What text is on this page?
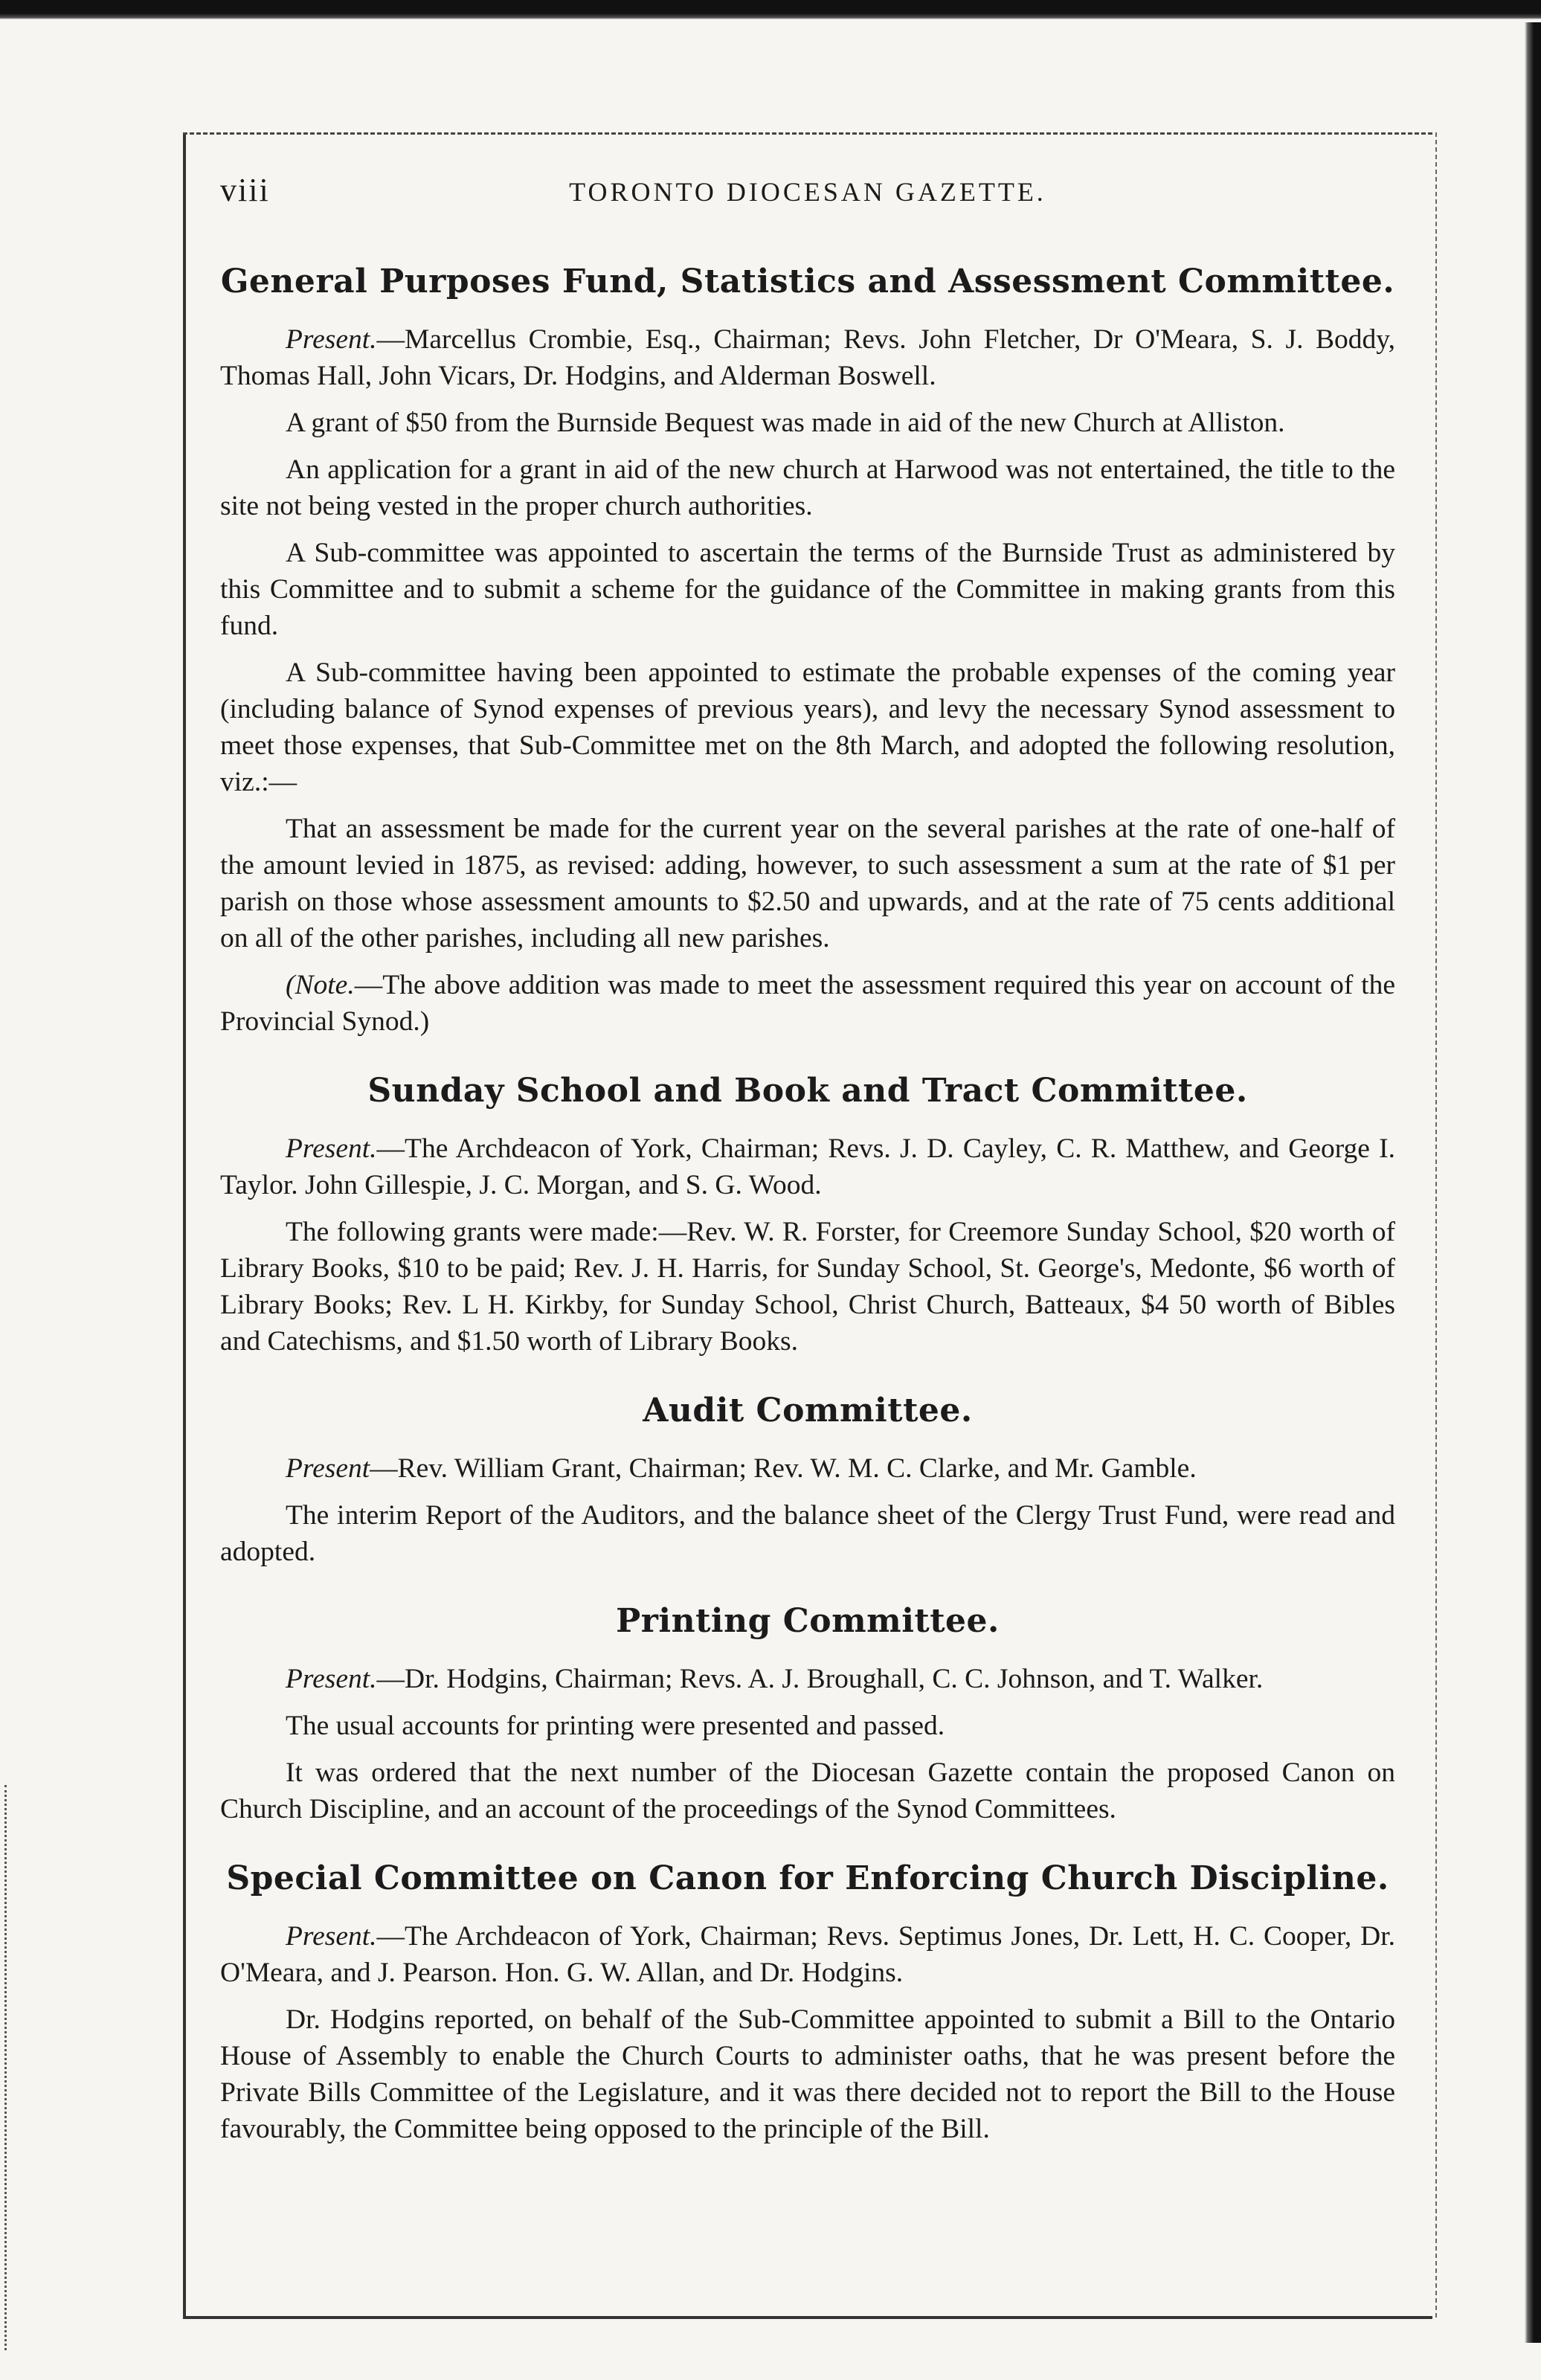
viii	TORONTO DIOCESAN GAZETTE.
General Purposes Fund, Statistics and Assessment Committee.

Present.—Marcellus Crombie, Esq., Chairman; Revs. John Fletcher, Dr O'Meara, S. J. Boddy, Thomas Hall, John Vicars, Dr. Hodgins, and Alderman Boswell.

A grant of $50 from the Burnside Bequest was made in aid of the new Church at Alliston.

An application for a grant in aid of the new church at Harwood was not entertained, the title to the site not being vested in the proper church authorities.

A Sub-committee was appointed to ascertain the terms of the Burnside Trust as administered by this Committee and to submit a scheme for the guidance of the Committee in making grants from this fund.

A Sub-committee having been appointed to estimate the probable expenses of the coming year (including balance of Synod expenses of previous years), and levy the necessary Synod assessment to meet those expenses, that Sub-Committee met on the 8th March, and adopted the following resolution, viz.:—

That an assessment be made for the current year on the several parishes at the rate of one-half of the amount levied in 1875, as revised: adding, however, to such assessment a sum at the rate of $1 per parish on those whose assessment amounts to $2.50 and upwards, and at the rate of 75 cents additional on all of the other parishes, including all new parishes.

(Note.—The above addition was made to meet the assessment required this year on account of the Provincial Synod.)

Sunday School and Book and Tract Committee.

Present.—The Archdeacon of York, Chairman; Revs. J. D. Cayley, C. R. Matthew, and George I. Taylor. John Gillespie, J. C. Morgan, and S. G. Wood.

The following grants were made:—Rev. W. R. Forster, for Creemore Sunday School, $20 worth of Library Books, $10 to be paid; Rev. J. H. Harris, for Sunday School, St. George's, Medonte, $6 worth of Library Books; Rev. L H. Kirkby, for Sunday School, Christ Church, Batteaux, $4 50 worth of Bibles and Catechisms, and $1.50 worth of Library Books.

Audit Committee.

Present—Rev. William Grant, Chairman; Rev. W. M. C. Clarke, and Mr. Gamble.

The interim Report of the Auditors, and the balance sheet of the Clergy Trust Fund, were read and adopted.

Printing Committee.

Present.—Dr. Hodgins, Chairman; Revs. A. J. Broughall, C. C. Johnson, and T. Walker.

The usual accounts for printing were presented and passed.

It was ordered that the next number of the Diocesan Gazette contain the proposed Canon on Church Discipline, and an account of the proceedings of the Synod Committees.

Special Committee on Canon for Enforcing Church Discipline.

Present.—The Archdeacon of York, Chairman; Revs. Septimus Jones, Dr. Lett, H. C. Cooper, Dr. O'Meara, and J. Pearson. Hon. G. W. Allan, and Dr. Hodgins.

Dr. Hodgins reported, on behalf of the Sub-Committee appointed to submit a Bill to the Ontario House of Assembly to enable the Church Courts to administer oaths, that he was present before the Private Bills Committee of the Legislature, and it was there decided not to report the Bill to the House favourably, the Committee being opposed to the principle of the Bill.
